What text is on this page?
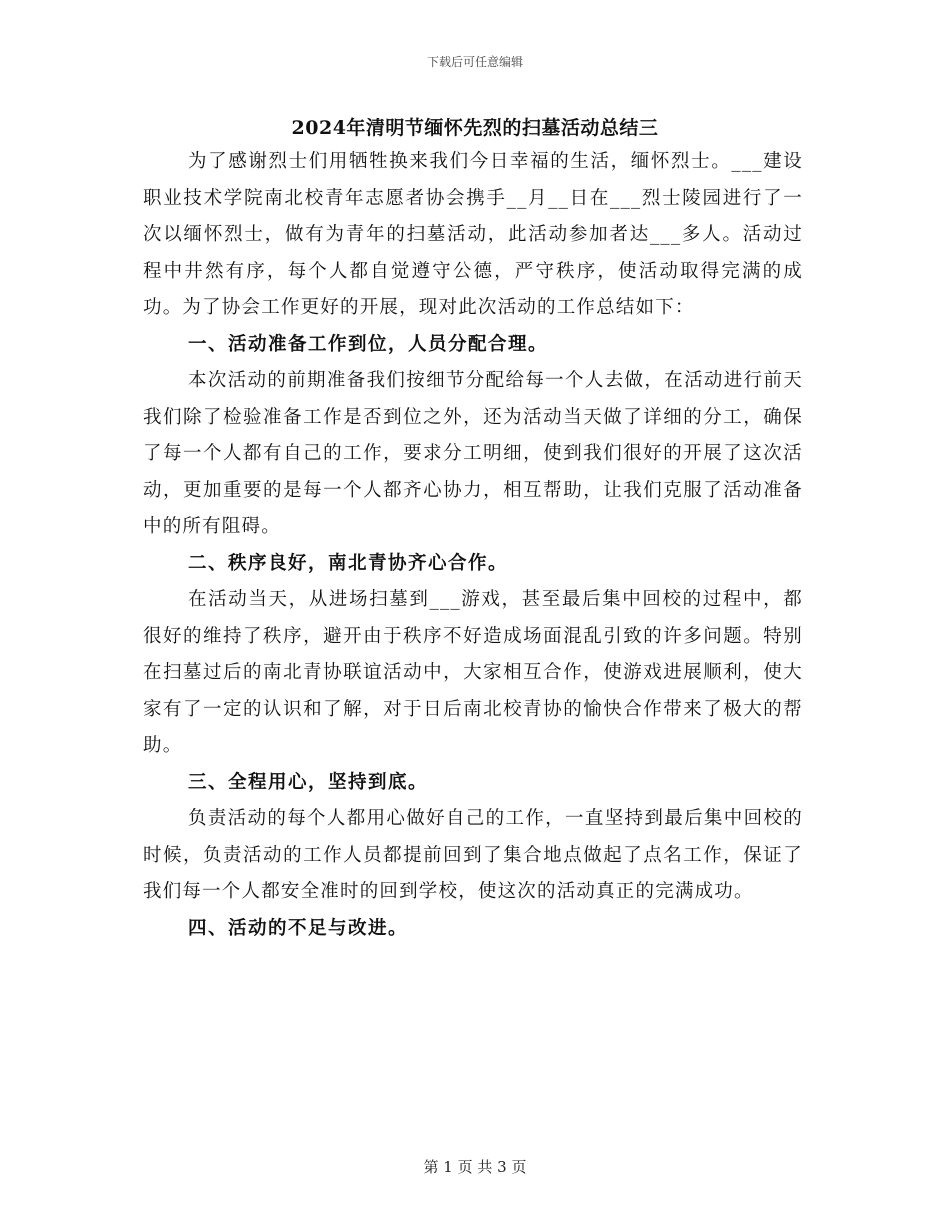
下载后可任意编辑
2024年清明节缅怀先烈的扫墓活动总结三

为了感谢烈士们用牺牲换来我们今日幸福的生活，缅怀烈士。___建设职业技术学院南北校青年志愿者协会携手__月__日在___烈士陵园进行了一次以缅怀烈士，做有为青年的扫墓活动，此活动参加者达___多人。活动过程中井然有序，每个人都自觉遵守公德，严守秩序，使活动取得完满的成功。为了协会工作更好的开展，现对此次活动的工作总结如下：

一、活动准备工作到位，人员分配合理。

本次活动的前期准备我们按细节分配给每一个人去做，在活动进行前天我们除了检验准备工作是否到位之外，还为活动当天做了详细的分工，确保了每一个人都有自己的工作，要求分工明细，使到我们很好的开展了这次活动，更加重要的是每一个人都齐心协力，相互帮助，让我们克服了活动准备中的所有阻碍。

二、秩序良好，南北青协齐心合作。

在活动当天，从进场扫墓到___游戏，甚至最后集中回校的过程中，都很好的维持了秩序，避开由于秩序不好造成场面混乱引致的许多问题。特别在扫墓过后的南北青协联谊活动中，大家相互合作，使游戏进展顺利，使大家有了一定的认识和了解，对于日后南北校青协的愉快合作带来了极大的帮助。

三、全程用心，坚持到底。

负责活动的每个人都用心做好自己的工作，一直坚持到最后集中回校的时候，负责活动的工作人员都提前回到了集合地点做起了点名工作，保证了我们每一个人都安全准时的回到学校，使这次的活动真正的完满成功。

四、活动的不足与改进。

第 1 页 共 3 页
